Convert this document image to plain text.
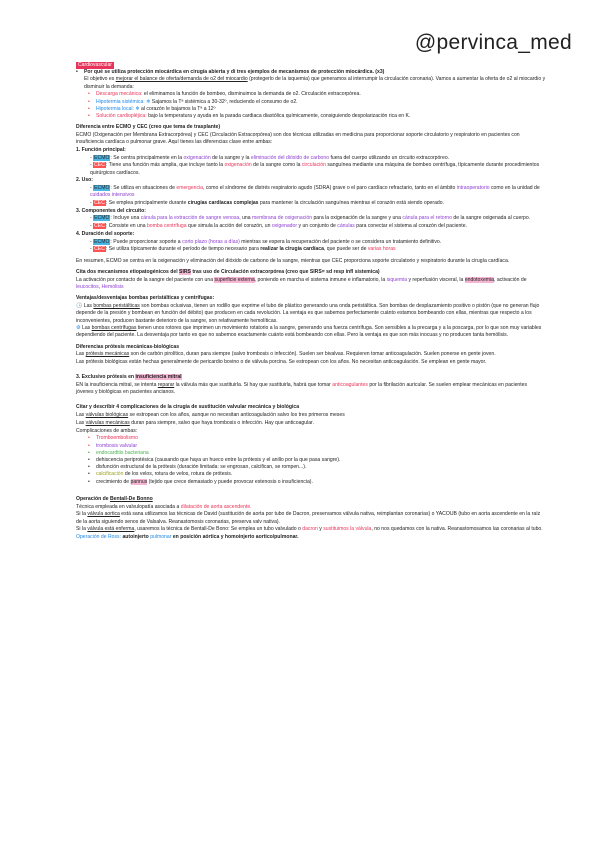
@pervinca_med
Cardiovascular
• Por qué se utiliza protección miocárdica en cirugía abierta y di tres ejemplos de mecanismos de protección miocárdica. (x3)

El objetivo es mejorar el balance de oferta/demanda de o2 del miocardio (protegerlo de la isquemia) que generamos al interrumpir la circulación coronaria). Vamos a aumentar la oferta de o2 al miocardio y disminuir la demanda:

• Descarga mecánica: el eliminamos la función de bombeo, disminuimos la demanda de o2. Circulación extracorpórea.
• Hipotermia sistémica: ❄ Sajamos la Tª sistémica a 30-32º, reduciendo el consumo de o2.
• Hipotermia local: ❄ al corazón le bajamos la Tª a 12º
• Solución cardiopléjica: bajo la temperatura y ayuda en la parada cardiaca diastólica químicamente, consiguiendo despolarización rica en K.

Diferencia entre ECMO y CEC (creo que tema de trasplante)

ECMO (Oxigenación per Membrana Extracorpórea) y CEC (Circulación Extracorpórea) son dos técnicas utilizadas en medicina para proporcionar soporte circulatorio y respiratorio en pacientes con insuficiencia cardíaca o pulmonar grave. Aquí tienes las diferencias clave entre ambas:

1. Función principal:

- ECMO: Se centra principalmente en la oxigenación de la sangre y la eliminación del dióxido de carbono fuera del cuerpo utilizando un circuito extracorpóreo.

- CEC: Tiene una función más amplia, que incluye tanto la oxigenación de la sangre como la circulación sanguínea mediante una máquina de bombeo centrífuga, típicamente durante procedimientos quirúrgicos cardíacos.

2. Uso:

- ECMO: Se utiliza en situaciones de emergencia, como el síndrome de distrés respiratorio agudo (SDRA) grave o el paro cardíaco refractario, tanto en el ámbito intraoperatorio como en la unidad de cuidados intensivos

- CEC: Se emplea principalmente durante cirugías cardíacas complejas para mantener la circulación sanguínea mientras el corazón está siendo operado.

3. Componentes del circuito:

- ECMO: Incluye una cánula para la extracción de sangre venosa, una membrana de oxigenación para la oxigenación de la sangre y una cánula para el retorno de la sangre oxigenada al cuerpo.

- CEC: Consiste en una bomba centrífuga que simula la acción del corazón, un oxigenador y un conjunto de cánulas para conectar el sistema al corazón del paciente.

4. Duración del soporte:

- ECMO: Puede proporcionar soporte a corto plazo (horas a días) mientras se espera la recuperación del paciente o se considera un tratamiento definitivo.

- CEC: Se utiliza típicamente durante el período de tiempo necesario para realizar la cirugía cardíaca, que puede ser de varias horas

En resumen, ECMO se centra en la oxigenación y eliminación del dióxido de carbono de la sangre, mientras que CEC proporciona soporte circulatorio y respiratorio durante la cirugía cardíaca.

Cita dos mecanismos etiopatogénicos del SIRS tras uso de Circulación extracorpórea (creo que SIRS= sd resp infl sistemica)

La activación por contacto de la sangre del paciente con una superficie externa, poniendo en marcha el sistema inmune e inflamatorio, la isquemia y reperfusión visceral, la endotoxemia, activación de leucocitos, Hemólisis

Ventajas/desventajas bombas peristálticas y centrífugas:

🕒 Las bombas peristálticas son bombas oclusivas, tienen un rodillo que exprime el tubo de plástico generando una onda peristáltica. Son bombas de desplazamiento positivo o pistón (que no generan flujo depende de la presión y bombean en función del débito) que producen en cada revolución. La ventaja es que sabemos perfectamente cuánto estamos bombeando con ellas, mientras que respecto a los inconvenientes, producen bastante deterioro de la sangre, son relativamente hemolíticas.

⚙ Las bombas centrífugas tienen unos rotores que imprimen un movimiento rotatorio a la sangre, generando una fuerza centrífuga. Son sensibles a la precarga y a la poscarga, por lo que son muy variables dependiendo del paciente. La desventaja por tanto es que no sabemos exactamente cuánto está bombeando con ellas. Pero la ventaja es que son más inocuas y no producen tanta hemólisis.

Diferencias prótesis mecánicas-biológicas

Las prótesis mecánicas son de carbón pirolítico, duran para siempre (salvo trombosis o infección). Suelen ser bivalvas. Requieren tomar anticoagulación. Suelen ponerse en gente joven.

Las prótesis biológicas están hechas generalmente de pericardio bovino o de válvula porcina. Se estropean con los años. No necesitan anticoagulación. Se emplean en gente mayor.

3. Exclusivo prótesis en insuficiencia mitral

EN la insuficiencia mitral, se intenta reparar la válvula más que sustituirla. Si hay que sustituirla, habrá que tomar anticoagulantes por la fibrilación auricular. Se suelen emplear mecánicas en pacientes jóvenes y biológicas en pacientes ancianos.

Citar y describir 4 complicaciones de la cirugía de sustitución valvular mecánica y biológica

Las válvulas biológicas se estropean con los años, aunque no necesitan anticoagulación salvo los tres primeros meses

Las válvulas mecánicas duran para siempre, salvo que haya trombosis o infección. Hay que anticoagular.

Complicaciones de ambas:

• Tromboembolismo
• trombosis valvular
• endocarditis bacteriana
• dehiscencia periprotésica (causando que haya un hueco entre la prótesis y el anillo por la que pasa sangre).
• disfunción estructural de la prótesis (duración limitada: se engrosan, calcifican, se rompen...).
• calcificación de los velos, rotura de velos, rotura de prótesis.
• crecimiento de pannus (tejido que crece demasiado y puede provocar estenosis o insuficiencia).

Operación de Bentall-De Bonno

Técnica empleada en valvulopatía asociada a dilatación de aorta ascendente.

Si la válvula aortica está sana utilizamos las técnicas de David (sustitución de aorta por tubo de Dacron, preservamos válvula nativa, reimplantan coronarias) o YACOUB (tubo en aorta ascendente en la raíz de la aorta siguiendo senos de Valsalva. Reanastomosis coronarias, preserva valv nativa).

Si la válvula está enferma, usaremos la técnica de Bentall-De Bono: Se emplea un tubo valvulado o dacron y sustituimos la válvula, no nos quedamos con la nativa. Reanastomosamos las coronarias al tubo.

Operación de Ross: autoinjerto pulmonar en posición aórtica y homoinjerto aortico/pulmonar.
